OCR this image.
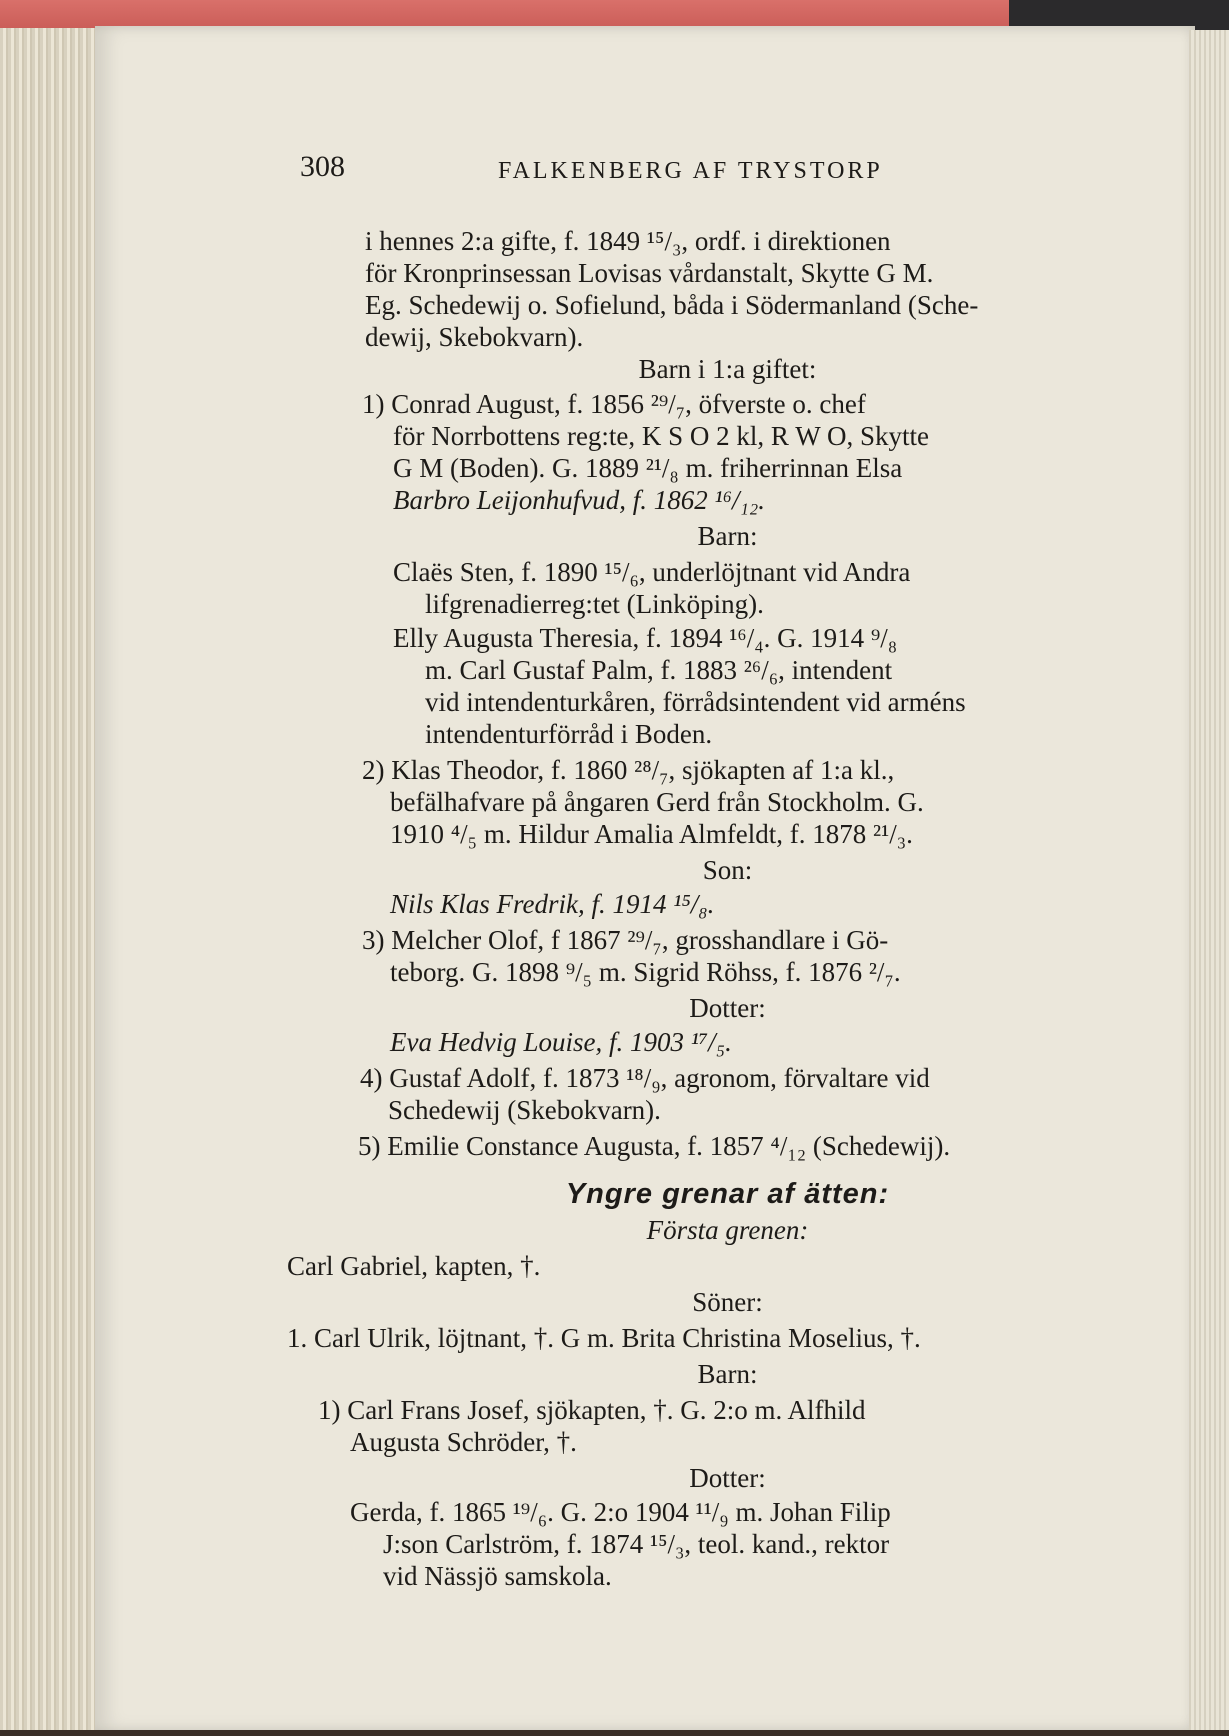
308	FALKENBERG AF TRYSTORP
i hennes 2:a gifte, f. 1849 ¹⁵/₃, ordf. i direktionen
för Kronprinsessan Lovisas vårdanstalt, Skytte G M.
Eg. Schedewij o. Sofielund, båda i Södermanland (Sche-
dewij, Skebokvarn).
Barn i 1:a giftet:
1) Conrad August, f. 1856 ²⁹/₇, öfverste o. chef
för Norrbottens reg:te, K S O 2 kl, R W O, Skytte
G M (Boden). G. 1889 ²¹/₈ m. friherrinnan Elsa
Barbro Leijonhufvud, f. 1862 ¹⁶/₁₂.
Barn:
Claës Sten, f. 1890 ¹⁵/₆, underlöjtnant vid Andra
lifgrenadierreg:tet (Linköping).
Elly Augusta Theresia, f. 1894 ¹⁶/₄. G. 1914 ⁹/₈
m. Carl Gustaf Palm, f. 1883 ²⁶/₆, intendent
vid intendenturkåren, förrådsintendent vid arméns
intendenturförråd i Boden.
2) Klas Theodor, f. 1860 ²⁸/₇, sjökapten af 1:a kl.,
befälhafvare på ångaren Gerd från Stockholm. G.
1910 ⁴/₅ m. Hildur Amalia Almfeldt, f. 1878 ²¹/₃.
Son:
Nils Klas Fredrik, f. 1914 ¹⁵/₈.
3) Melcher Olof, f 1867 ²⁹/₇, grosshandlare i Gö-
teborg. G. 1898 ⁹/₅ m. Sigrid Röhss, f. 1876 ²/₇.
Dotter:
Eva Hedvig Louise, f. 1903 ¹⁷/₅.
4) Gustaf Adolf, f. 1873 ¹⁸/₉, agronom, förvaltare vid
Schedewij (Skebokvarn).
5) Emilie Constance Augusta, f. 1857 ⁴/₁₂ (Schedewij).
Yngre grenar af ätten:
Första grenen:
Carl Gabriel, kapten, †.
Söner:
1. Carl Ulrik, löjtnant, †. G m. Brita Christina Moselius, †.
Barn:
1) Carl Frans Josef, sjökapten, †. G. 2:o m. Alfhild
Augusta Schröder, †.
Dotter:
Gerda, f. 1865 ¹⁹/₆. G. 2:o 1904 ¹¹/₉ m. Johan Filip
J:son Carlström, f. 1874 ¹⁵/₃, teol. kand., rektor
vid Nässjö samskola.
